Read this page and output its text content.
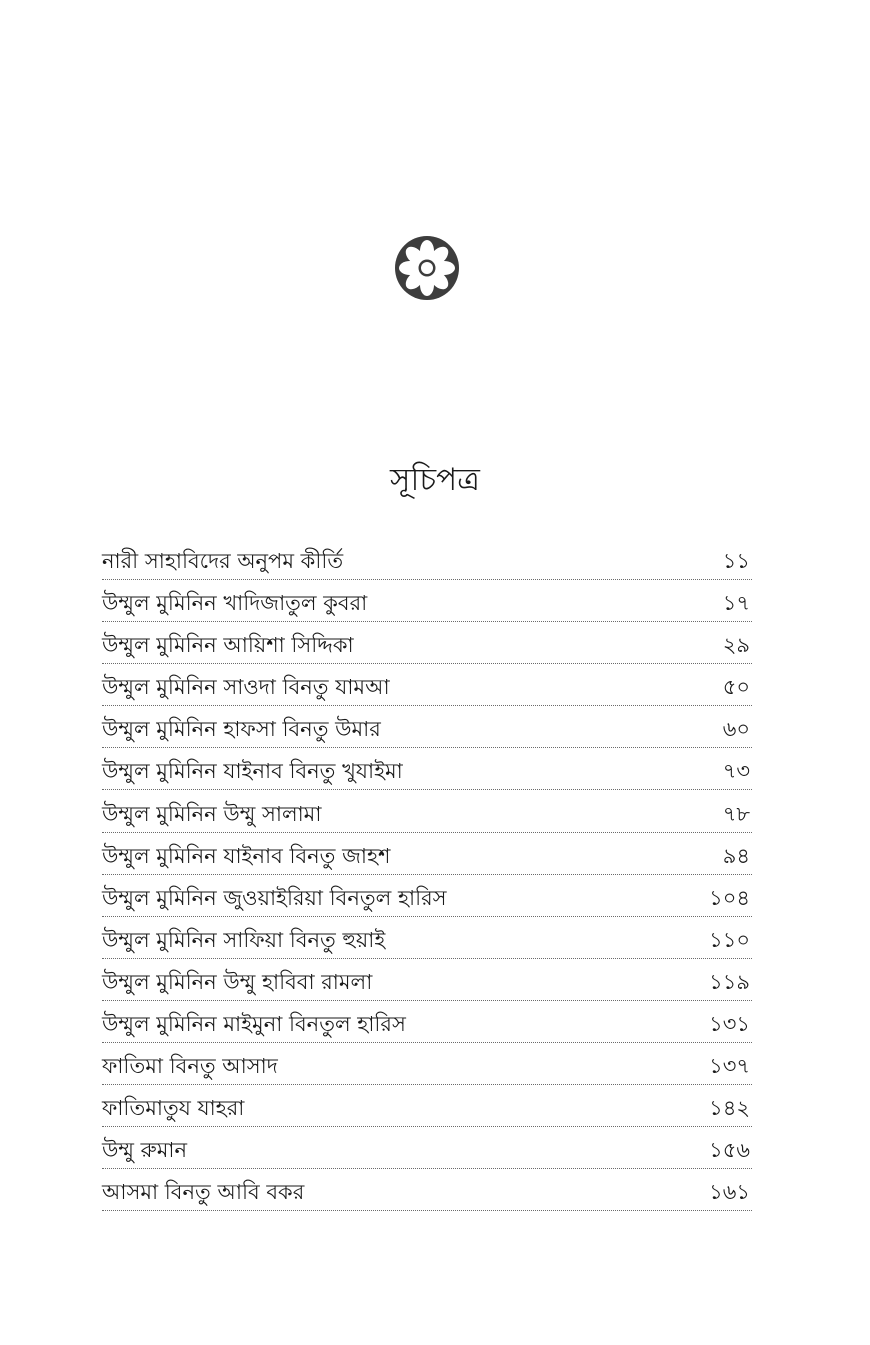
সূচিপত্র
নারী সাহাবিদের অনুপম কীর্তি	১১
উম্মুল মুমিনিন খাদিজাতুল কুবরা	১৭
উম্মুল মুমিনিন আয়িশা সিদ্দিকা	২৯
উম্মুল মুমিনিন সাওদা বিনতু যামআ	৫০
উম্মুল মুমিনিন হাফসা বিনতু উমার	৬০
উম্মুল মুমিনিন যাইনাব বিনতু খুযাইমা	৭৩
উম্মুল মুমিনিন উম্মু সালামা	৭৮
উম্মুল মুমিনিন যাইনাব বিনতু জাহশ	৯৪
উম্মুল মুমিনিন জুওয়াইরিয়া বিনতুল হারিস	১০৪
উম্মুল মুমিনিন সাফিয়া বিনতু হুয়াই	১১০
উম্মুল মুমিনিন উম্মু হাবিবা রামলা	১১৯
উম্মুল মুমিনিন মাইমুনা বিনতুল হারিস	১৩১
ফাতিমা বিনতু আসাদ	১৩৭
ফাতিমাতুয যাহরা	১৪২
উম্মু রুমান	১৫৬
আসমা বিনতু আবি বকর	১৬১
